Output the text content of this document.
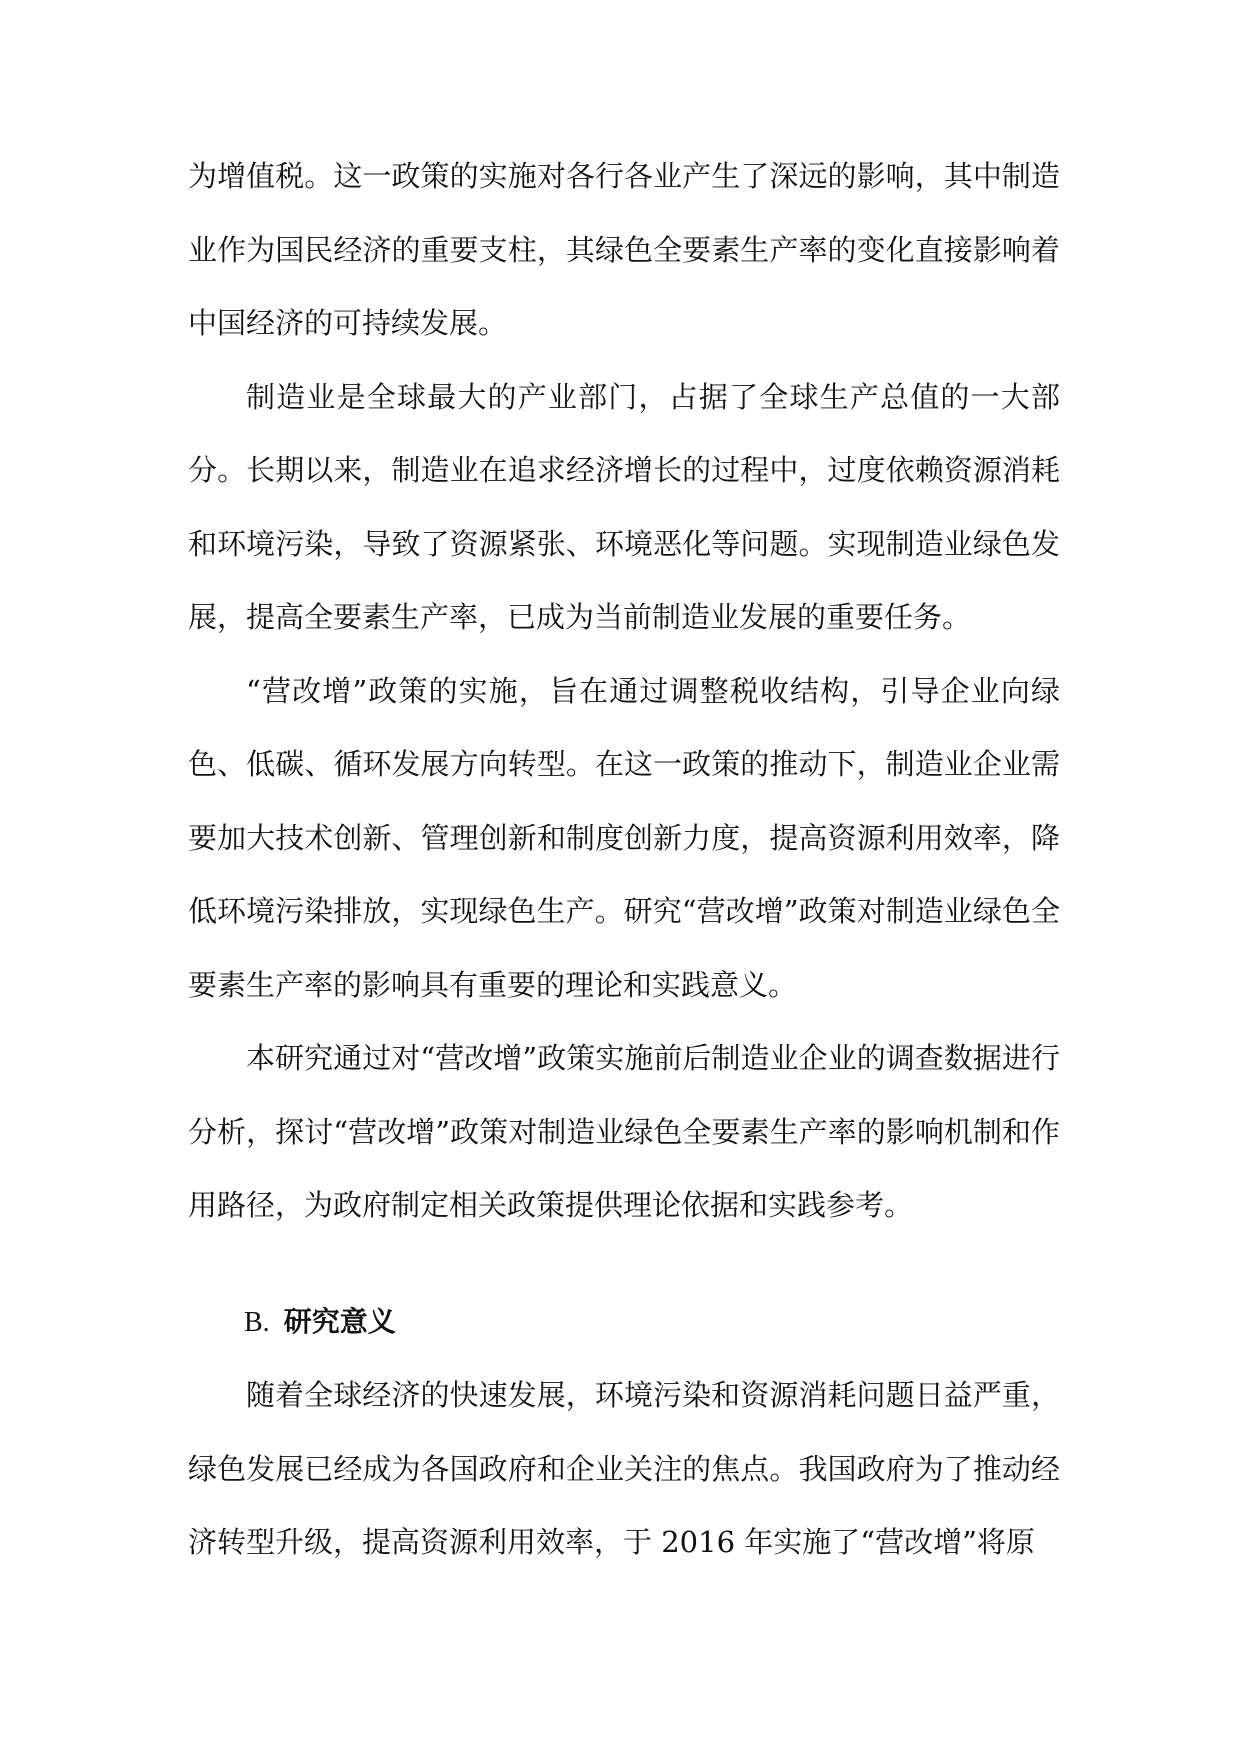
为增值税。这一政策的实施对各行各业产生了深远的影响，其中制造业作为国民经济的重要支柱，其绿色全要素生产率的变化直接影响着中国经济的可持续发展。

制造业是全球最大的产业部门，占据了全球生产总值的一大部分。长期以来，制造业在追求经济增长的过程中，过度依赖资源消耗和环境污染，导致了资源紧张、环境恶化等问题。实现制造业绿色发展，提高全要素生产率，已成为当前制造业发展的重要任务。

“营改增”政策的实施，旨在通过调整税收结构，引导企业向绿色、低碳、循环发展方向转型。在这一政策的推动下，制造业企业需要加大技术创新、管理创新和制度创新力度，提高资源利用效率，降低环境污染排放，实现绿色生产。研究“营改增”政策对制造业绿色全要素生产率的影响具有重要的理论和实践意义。

本研究通过对“营改增”政策实施前后制造业企业的调查数据进行分析，探讨“营改增”政策对制造业绿色全要素生产率的影响机制和作用路径，为政府制定相关政策提供理论依据和实践参考。

B. 研究意义

随着全球经济的快速发展，环境污染和资源消耗问题日益严重，绿色发展已经成为各国政府和企业关注的焦点。我国政府为了推动经济转型升级，提高资源利用效率，于 2016 年实施了“营改增”将原
